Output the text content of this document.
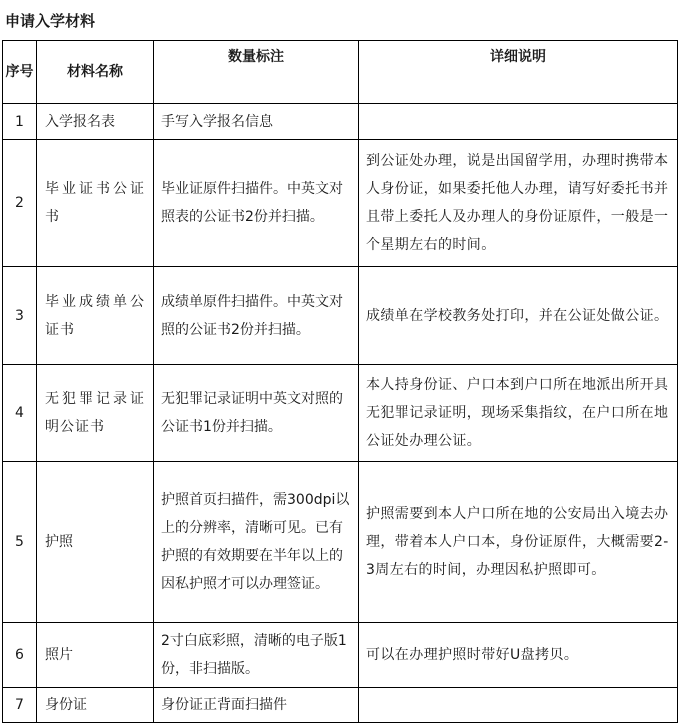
申请入学材料
序号	材料名称	数量标注	详细说明
1	入学报名表	手写入学报名信息	
2	毕业证书公证书	毕业证原件扫描件。中英文对照表的公证书2份并扫描。	到公证处办理，说是出国留学用，办理时携带本人身份证，如果委托他人办理，请写好委托书并且带上委托人及办理人的身份证原件，一般是一个星期左右的时间。
3	毕业成绩单公证书	成绩单原件扫描件。中英文对照的公证书2份并扫描。	成绩单在学校教务处打印，并在公证处做公证。
4	无犯罪记录证明公证书	无犯罪记录证明中英文对照的公证书1份并扫描。	本人持身份证、户口本到户口所在地派出所开具无犯罪记录证明，现场采集指纹，在户口所在地公证处办理公证。
5	护照	护照首页扫描件，需300dpi以上的分辨率，清晰可见。已有护照的有效期要在半年以上的因私护照才可以办理签证。	护照需要到本人户口所在地的公安局出入境去办理，带着本人户口本，身份证原件，大概需要2-3周左右的时间，办理因私护照即可。
6	照片	2寸白底彩照，清晰的电子版1份，非扫描版。	可以在办理护照时带好U盘拷贝。
7	身份证	身份证正背面扫描件	
